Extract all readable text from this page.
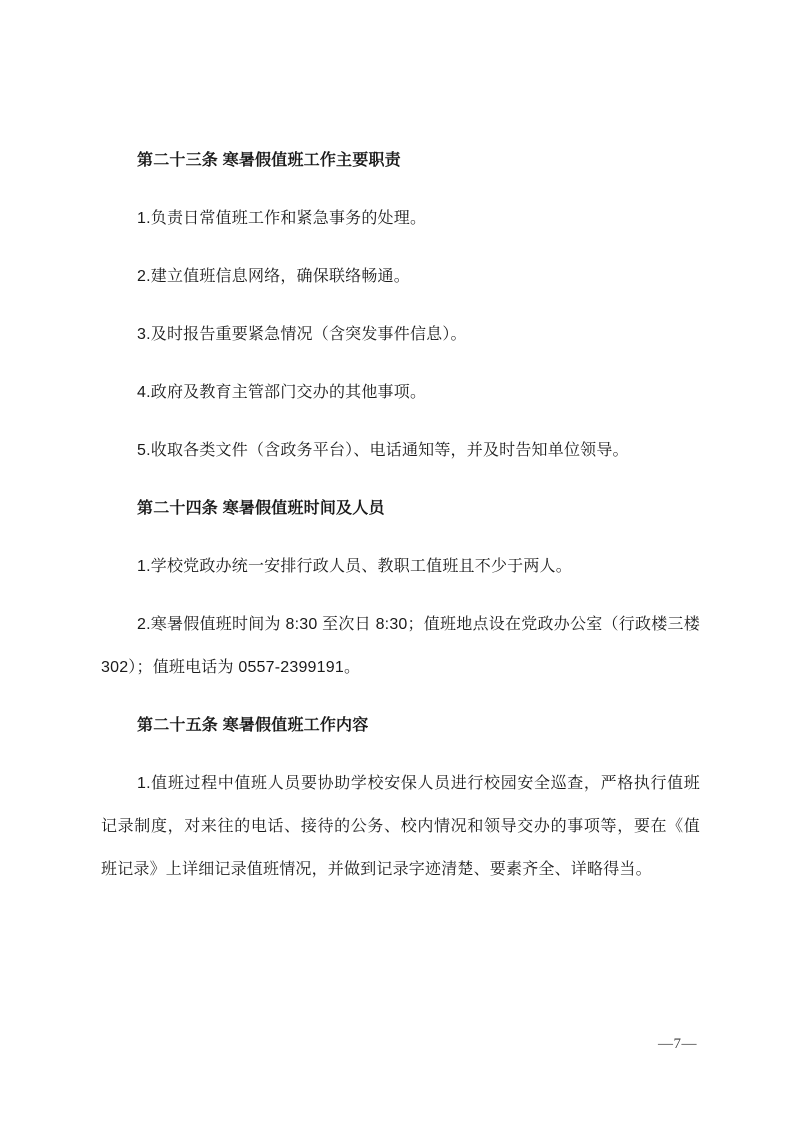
第二十三条 寒暑假值班工作主要职责

1.负责日常值班工作和紧急事务的处理。

2.建立值班信息网络，确保联络畅通。

3.及时报告重要紧急情况（含突发事件信息）。

4.政府及教育主管部门交办的其他事项。

5.收取各类文件（含政务平台）、电话通知等，并及时告知单位领导。

第二十四条 寒暑假值班时间及人员

1.学校党政办统一安排行政人员、教职工值班且不少于两人。

2.寒暑假值班时间为 8:30 至次日 8:30；值班地点设在党政办公室（行政楼三楼302）；值班电话为 0557-2399191。

第二十五条 寒暑假值班工作内容

1.值班过程中值班人员要协助学校安保人员进行校园安全巡查，严格执行值班记录制度，对来往的电话、接待的公务、校内情况和领导交办的事项等，要在《值班记录》上详细记录值班情况，并做到记录字迹清楚、要素齐全、详略得当。

—7—
